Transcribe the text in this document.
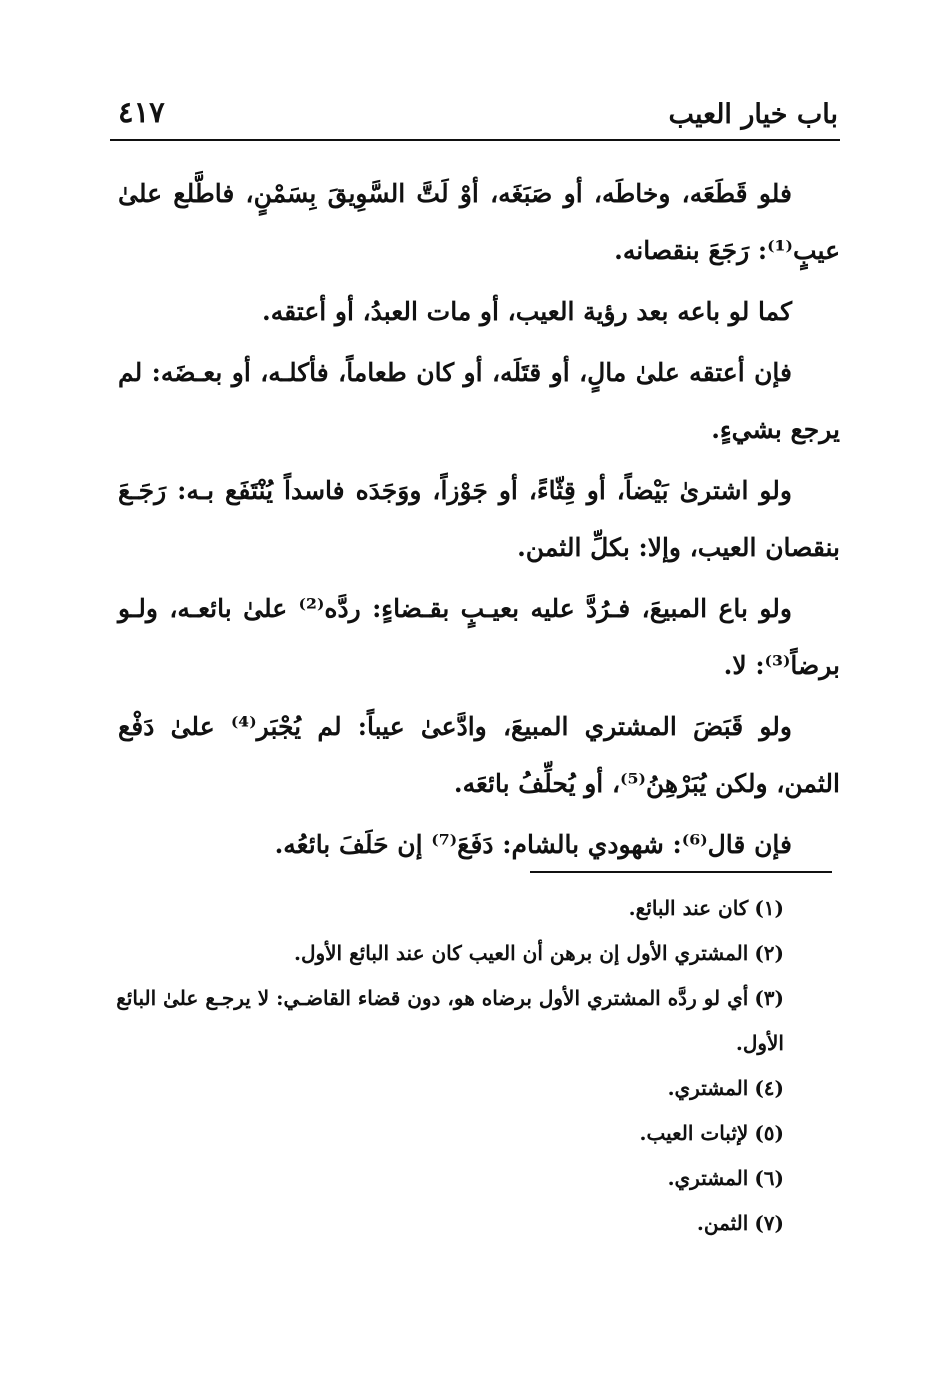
باب خيار العيب
٤١٧

فلو قَطَعَه، وخاطَه، أو صَبَغَه، أوْ لَتَّ السَّوِيقَ بِسَمْنٍ، فاطَّلع علىٰ عيبٍ⁽¹⁾: رَجَعَ بنقصانه.

كما لو باعه بعد رؤية العيب، أو مات العبدُ، أو أعتقه.

فإن أعتقه علىٰ مالٍ، أو قتَلَه، أو كان طعاماً، فأكلـه، أو بعـضَه: لم يرجع بشيءٍ.

ولو اشترىٰ بَيْضاً، أو قِثّاءً، أو جَوْزاً، ووَجَدَه فاسداً يُنْتَفَع بـه: رَجَـعَ بنقصان العيب، وإلا: بكلِّ الثمن.

ولو باع المبيعَ، فـرُدَّ عليه بعيـبٍ بقـضاءٍ: ردَّه⁽²⁾ علىٰ بائعـه، ولـو برضاً⁽³⁾: لا.

ولو قَبَضَ المشتري المبيعَ، وادَّعىٰ عيباً: لم يُجْبَر⁽⁴⁾ علىٰ دَفْع الثمن، ولكن يُبَرْهِنُ⁽⁵⁾، أو يُحلِّفُ بائعَه.

فإن قال⁽⁶⁾: شهودي بالشام: دَفَعَ⁽⁷⁾ إن حَلَفَ بائعُه.

(١)كان عند البائع.

(٢)المشتري الأول إن برهن أن العيب كان عند البائع الأول.

(٣)أي لو ردَّه المشتري الأول برضاه هو، دون قضاء القاضـي: لا يرجـع علىٰ البائع الأول.

(٤)المشتري.

(٥)لإثبات العيب.

(٦)المشتري.

(٧)الثمن.
